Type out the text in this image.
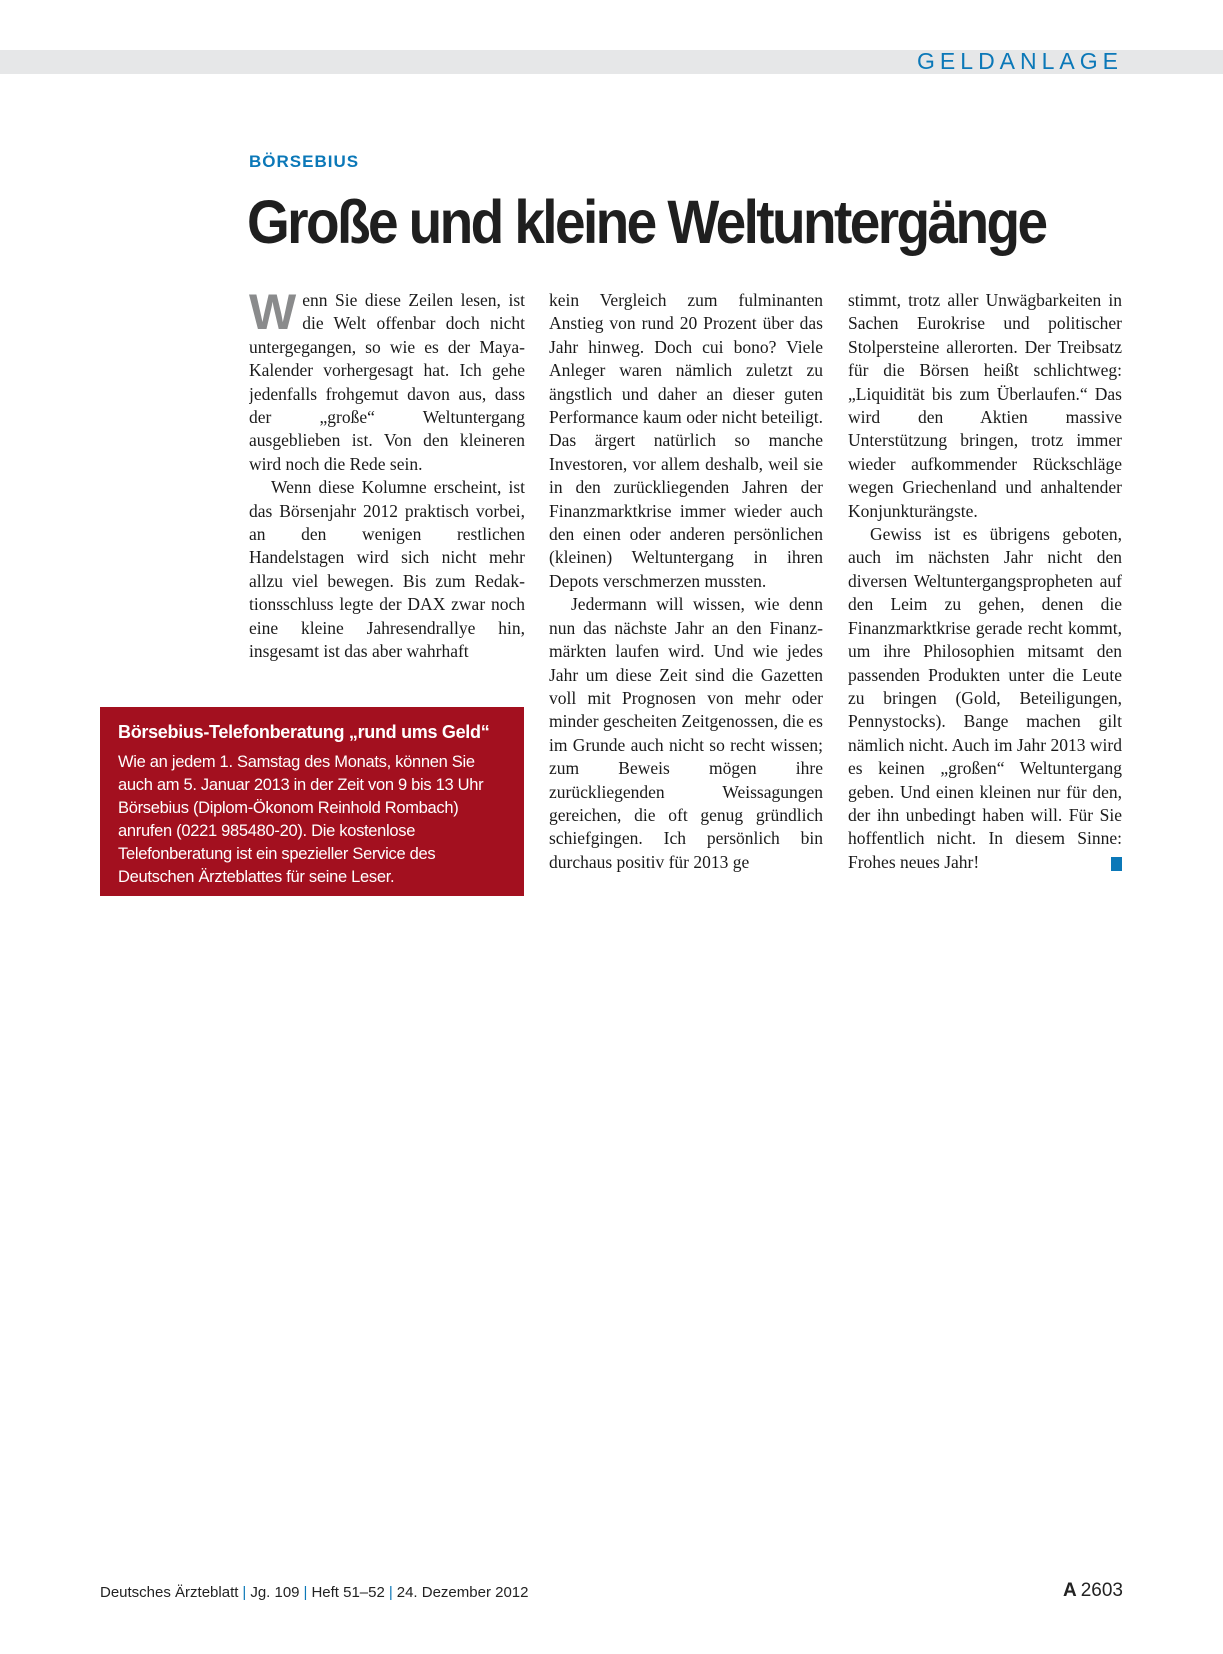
GELDANLAGE
BÖRSEBIUS
Große und kleine Weltuntergänge

Wenn Sie diese Zeilen lesen, ist die Welt offenbar doch nicht untergegangen, so wie es der Maya-Kalender vorhergesagt hat. Ich gehe jedenfalls frohgemut davon aus, dass der „große“ Weltuntergang ausgeblieben ist. Von den kleineren wird noch die Rede sein.

Wenn diese Kolumne erscheint, ist das Börsenjahr 2012 praktisch vorbei, an den wenigen restlichen Handelstagen wird sich nicht mehr allzu viel bewegen. Bis zum Redaktionsschluss legte der DAX zwar noch eine kleine Jahresendrallye hin, insgesamt ist das aber wahrhaft

kein Vergleich zum fulminanten Anstieg von rund 20 Prozent über das Jahr hinweg. Doch cui bono? Viele Anleger waren nämlich zuletzt zu ängstlich und daher an dieser guten Performance kaum oder nicht beteiligt. Das ärgert natürlich so manche Investoren, vor allem deshalb, weil sie in den zurückliegenden Jahren der Finanzmarktkrise immer wieder auch den einen oder anderen persönlichen (kleinen) Weltuntergang in ihren Depots verschmerzen mussten.

Jedermann will wissen, wie denn nun das nächste Jahr an den Finanzmärkten laufen wird. Und wie jedes Jahr um diese Zeit sind die Gazetten voll mit Prognosen von mehr oder minder gescheiten Zeitgenossen, die es im Grunde auch nicht so recht wissen; zum Beweis mögen ihre zurückliegenden Weissagungen gereichen, die oft genug gründlich schiefgingen. Ich persönlich bin durchaus positiv für 2013 ge

stimmt, trotz aller Unwägbarkeiten in Sachen Eurokrise und politischer Stolpersteine allerorten. Der Treibsatz für die Börsen heißt schlichtweg: „Liquidität bis zum Überlaufen.“ Das wird den Aktien massive Unterstützung bringen, trotz immer wieder aufkommender Rückschläge wegen Griechenland und anhaltender Konjunkturängste.

Gewiss ist es übrigens geboten, auch im nächsten Jahr nicht den diversen Weltuntergangspropheten auf den Leim zu gehen, denen die Finanzmarktkrise gerade recht kommt, um ihre Philosophien mitsamt den passenden Produkten unter die Leute zu bringen (Gold, Beteiligungen, Pennystocks). Bange machen gilt nämlich nicht. Auch im Jahr 2013 wird es keinen „großen“ Weltuntergang geben. Und einen kleinen nur für den, der ihn unbedingt haben will. Für Sie hoffentlich nicht. In diesem Sinne: Frohes neues Jahr!

Börsebius-Telefonberatung „rund ums Geld“
Wie an jedem 1. Samstag des Monats, können Sie
auch am 5. Januar 2013 in der Zeit von 9 bis 13 Uhr
Börsebius (Diplom-Ökonom Reinhold Rombach)
anrufen (0221 985480-20). Die kostenlose
Telefonberatung ist ein spezieller Service des
Deutschen Ärzteblattes für seine Leser.
Deutsches Ärzteblatt | Jg. 109 | Heft 51–52 | 24. Dezember 2012	A 2603
